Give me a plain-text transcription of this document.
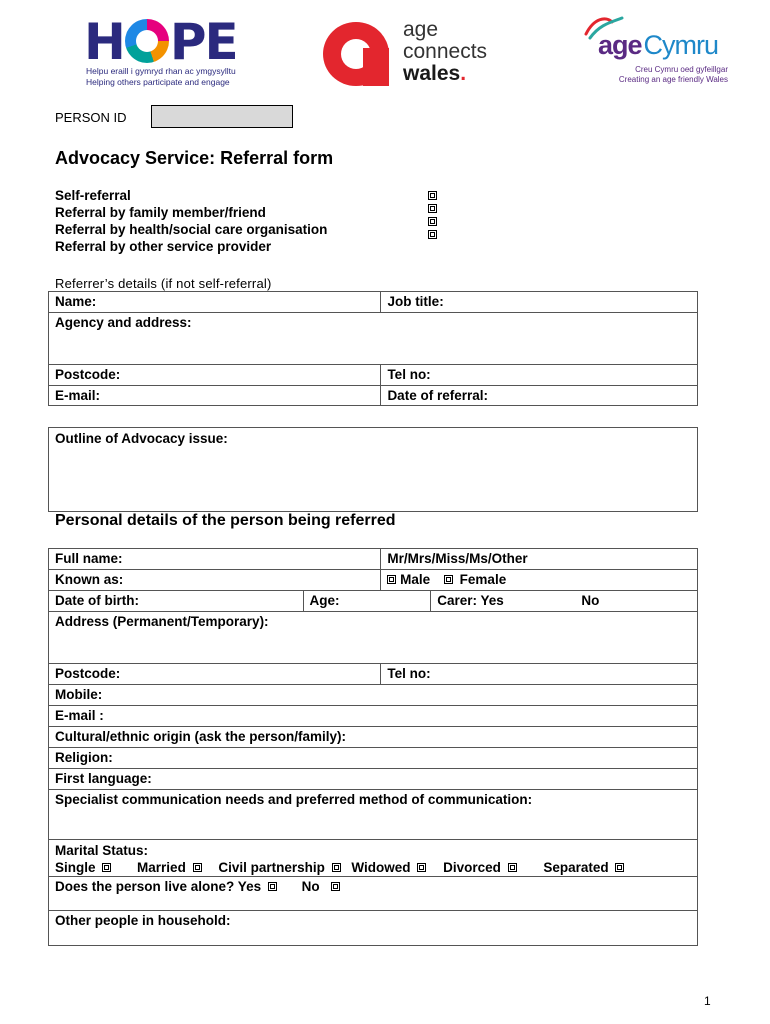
H PE
Helpu eraill i gymryd rhan ac ymgysylltu
Helping others participate and engage
age
connects
wales.
ageCymru
Creu Cymru oed gyfeillgar
Creating an age friendly Wales
PERSON ID
Advocacy Service: Referral form
Self-referral
Referral by family member/friend
Referral by health/social care organisation
Referral by other service provider
Referrer’s details (if not self-referral)
Name:	Job title:
Agency and address:	
Postcode:	Tel no:
E-mail:	Date of referral:
Outline of Advocacy issue:
Personal details of the person being referred
Full name:		Mr/Mrs/Miss/Ms/Other	
Known as:		Male Female	
Date of birth:	Age:		Carer: Yes No
Address (Permanent/Temporary):			
Postcode:		Tel no:	
Mobile:			
E-mail :			
Cultural/ethnic origin (ask the person/family):			
Religion:			
First language:			
Specialist communication needs and preferred method of communication:			

Marital Status:
Single Married Civil partnership Widowed Divorced Separated			

Does the person live alone? Yes No			
Other people in household:			
1
